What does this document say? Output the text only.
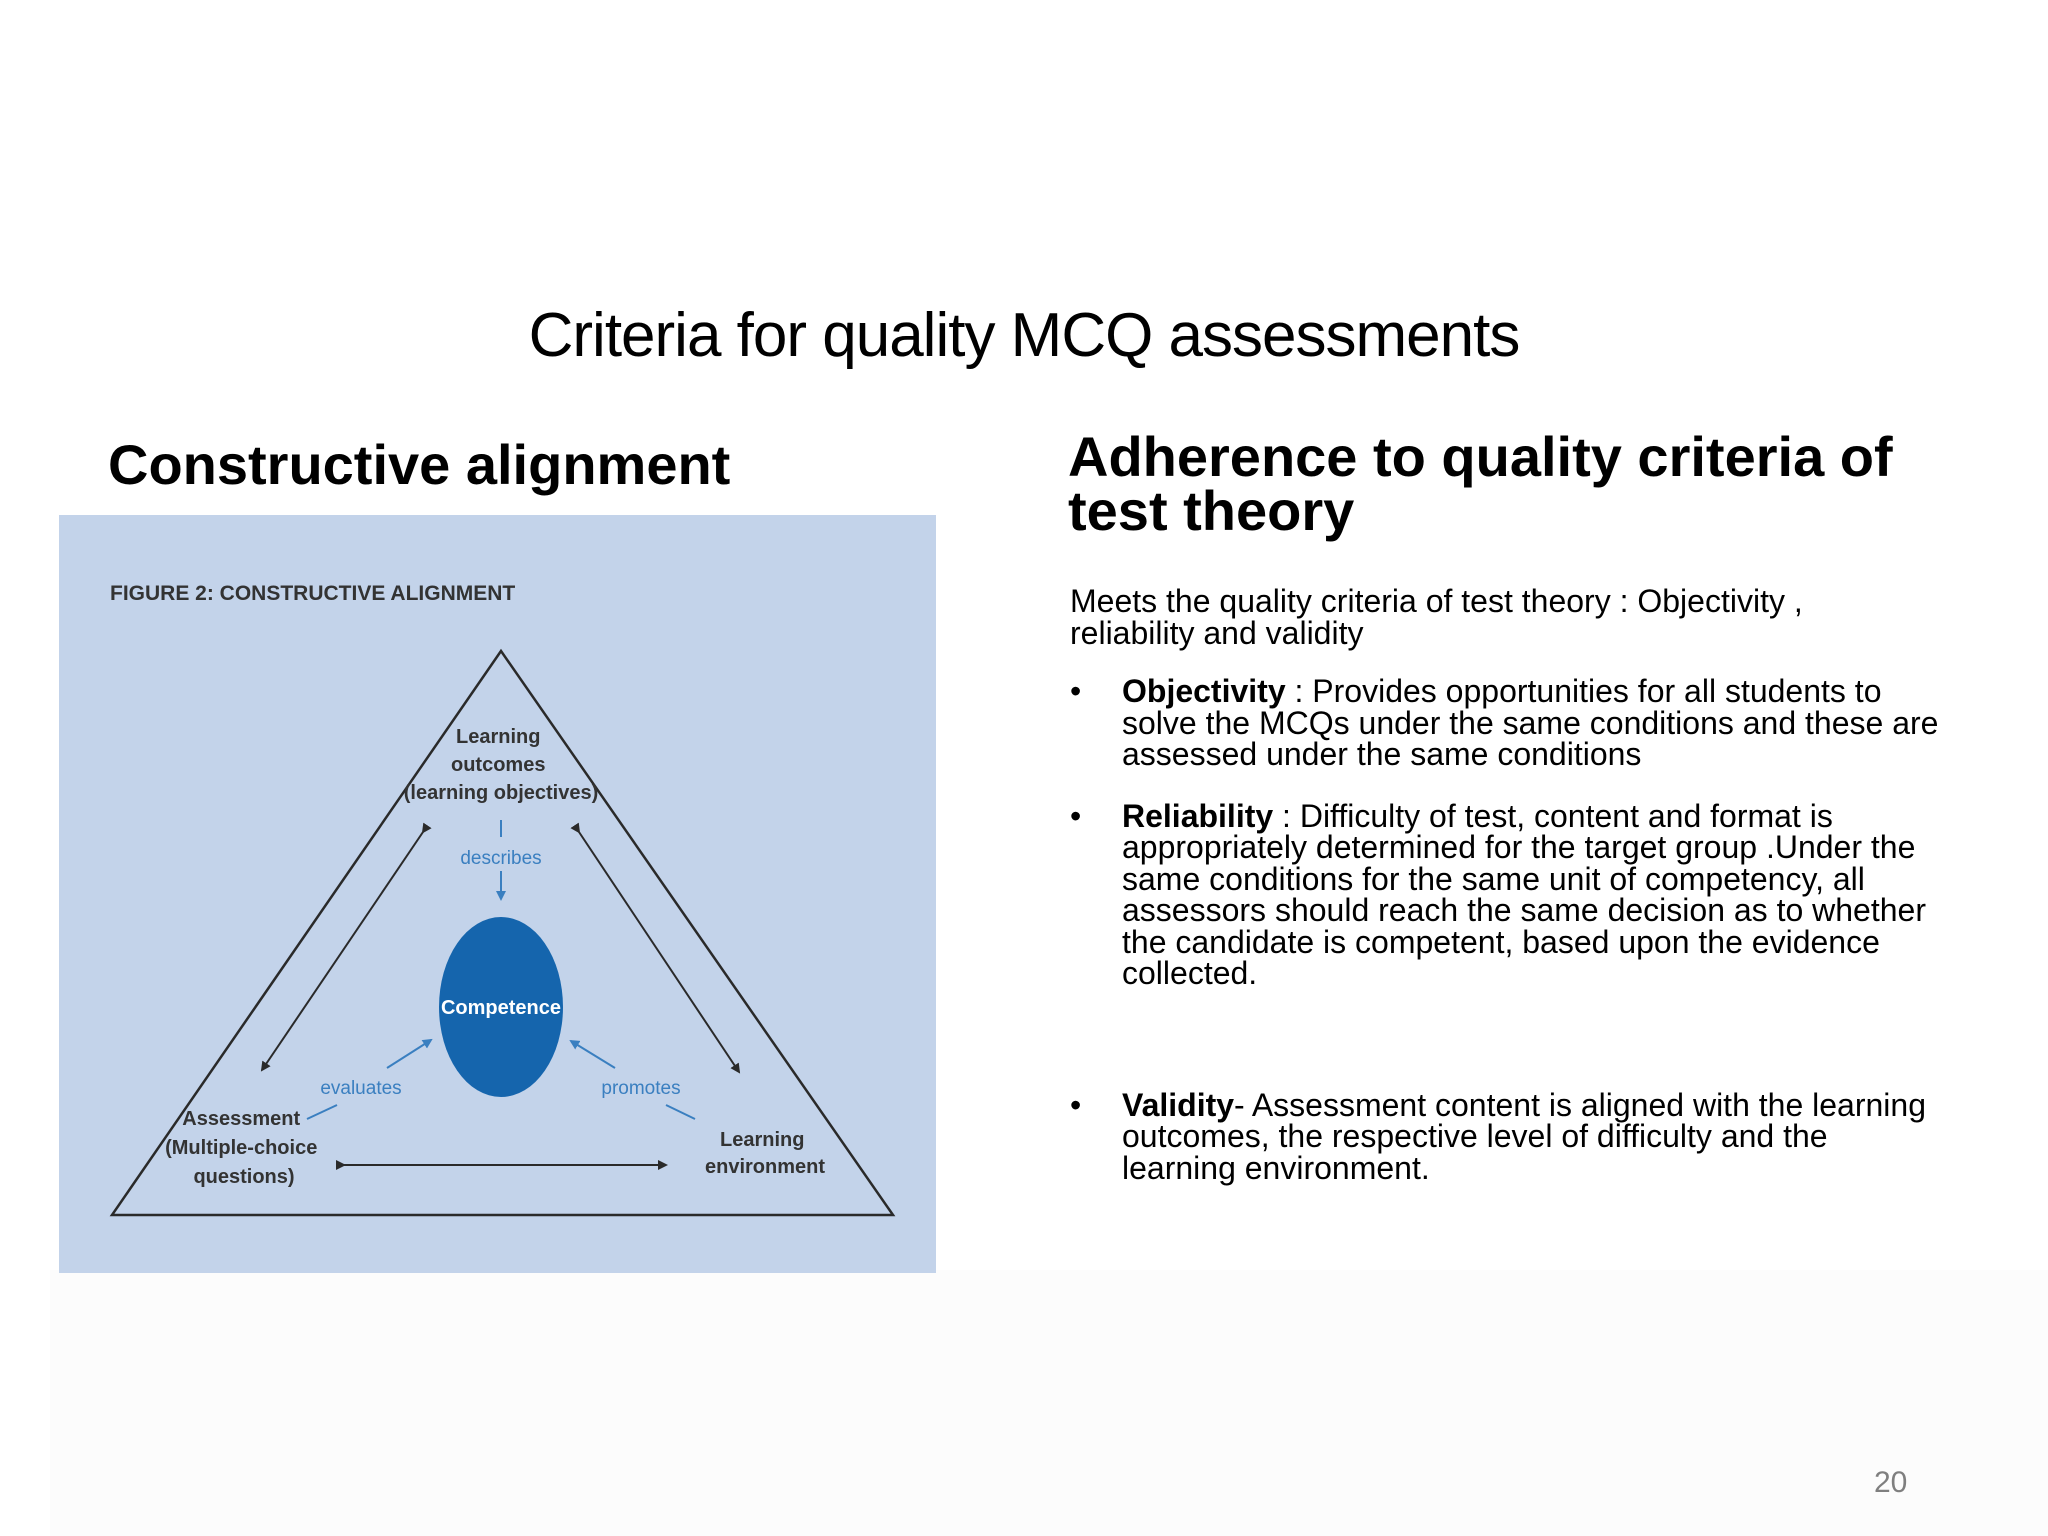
Criteria for quality MCQ assessments
Constructive alignment	Adherence to quality criteria of test theory
FIGURE 2: CONSTRUCTIVE ALIGNMENT
Learning outcomes (learning objectives)
describes
Competence
evaluates	promotes
Assessment (Multiple-choice questions)
Learning environment
Meets the quality criteria of test theory : Objectivity , reliability and validity
• Objectivity : Provides opportunities for all students to solve the MCQs under the same conditions and these are assessed under the same conditions
• Reliability : Difficulty of test, content and format is appropriately determined for the target group .Under the same conditions for the same unit of competency, all assessors should reach the same decision as to whether the candidate is competent, based upon the evidence collected.
• Validity- Assessment content is aligned with the learning outcomes, the respective level of difficulty and the learning environment.
20
